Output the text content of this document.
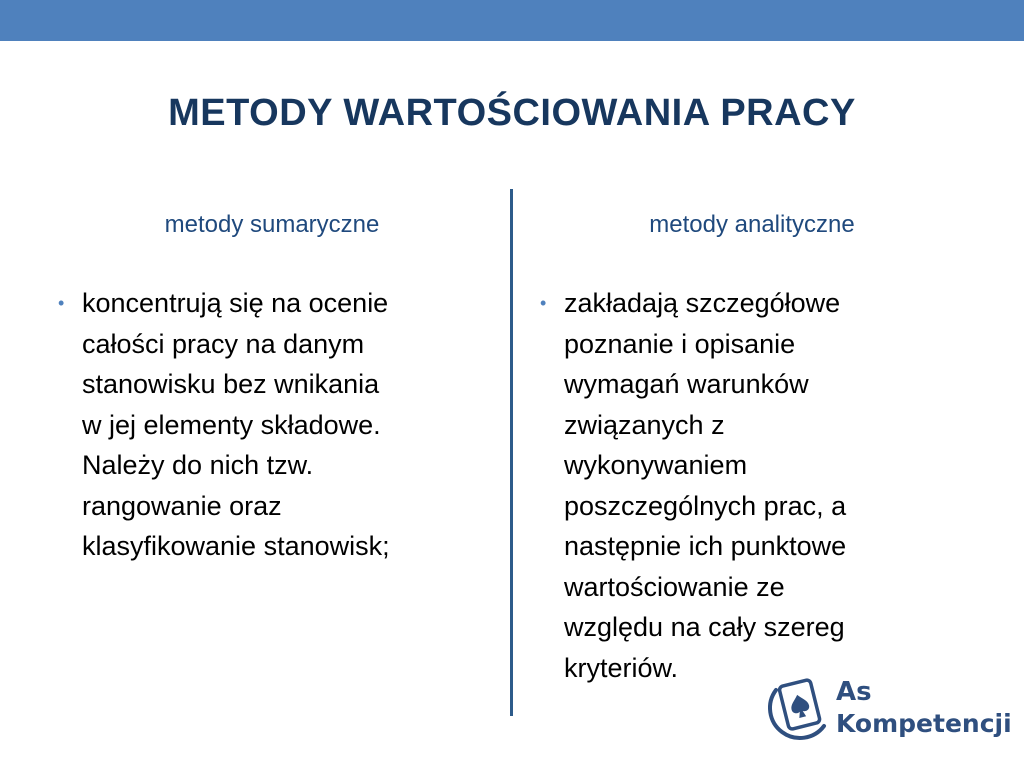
METODY WARTOŚCIOWANIA PRACY
metody sumaryczne	metody analityczne
• koncentrują się na ocenie
całości pracy na danym
stanowisku bez wnikania
w jej elementy składowe.
Należy do nich tzw.
rangowanie oraz
klasyfikowanie stanowisk;
• zakładają szczegółowe
poznanie i opisanie
wymagań warunków
związanych z
wykonywaniem
poszczególnych prac, a
następnie ich punktowe
wartościowanie ze
względu na cały szereg
kryteriów.
As
Kompetencji
